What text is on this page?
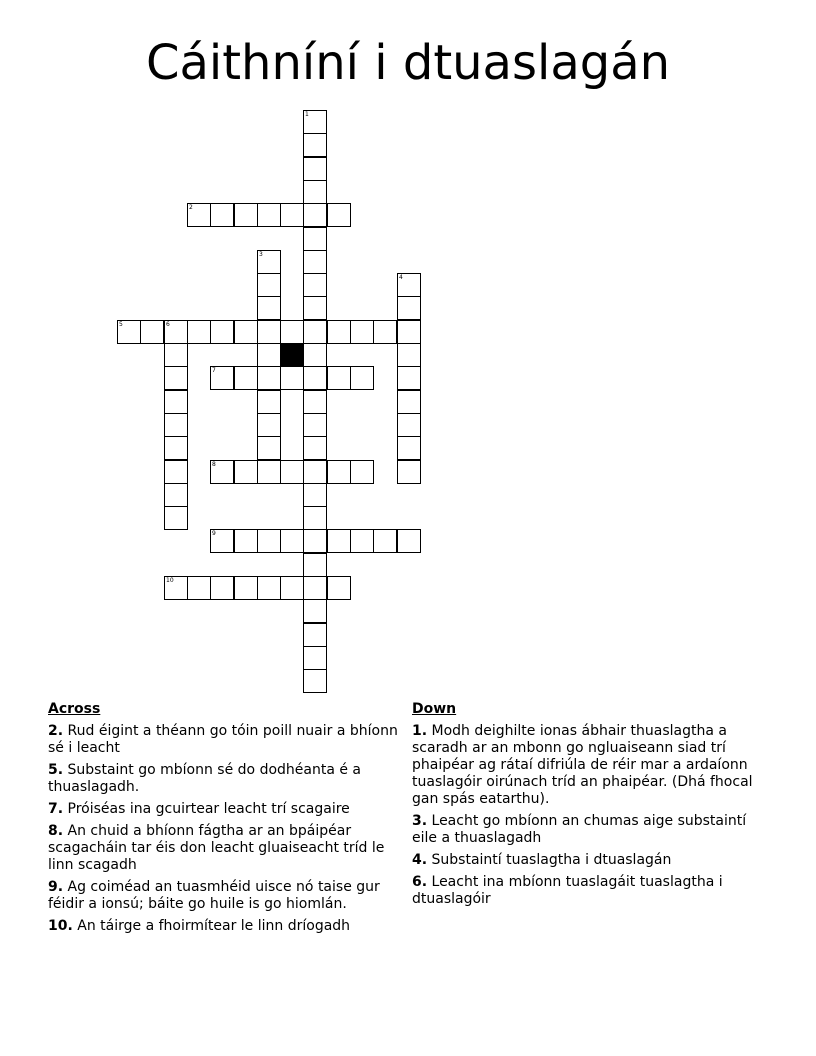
Cáithníní i dtuaslagán
1
2
3
4
5	6
7
8
9
10
Across
2. Rud éigint a théann go tóin poill nuair a bhíonn sé i leacht
5. Substaint go mbíonn sé do dodhéanta é a thuaslagadh.
7. Próiséas ina gcuirtear leacht trí scagaire
8. An chuid a bhíonn fágtha ar an bpáipéar scagacháin tar éis don leacht gluaiseacht tríd le linn scagadh
9. Ag coiméad an tuasmhéid uisce nó taise gur féidir a ionsú; báite go huile is go hiomlán.
10. An táirge a fhoirmítear le linn dríogadh
Down
1. Modh deighilte ionas ábhair thuaslagtha a scaradh ar an mbonn go ngluaiseann siad trí phaipéar ag rátaí difriúla de réir mar a ardaíonn tuaslagóir oirúnach tríd an phaipéar. (Dhá fhocal gan spás eatarthu).
3. Leacht go mbíonn an chumas aige substaintí eile a thuaslagadh
4. Substaintí tuaslagtha i dtuaslagán
6. Leacht ina mbíonn tuaslagáit tuaslagtha i dtuaslagóir
